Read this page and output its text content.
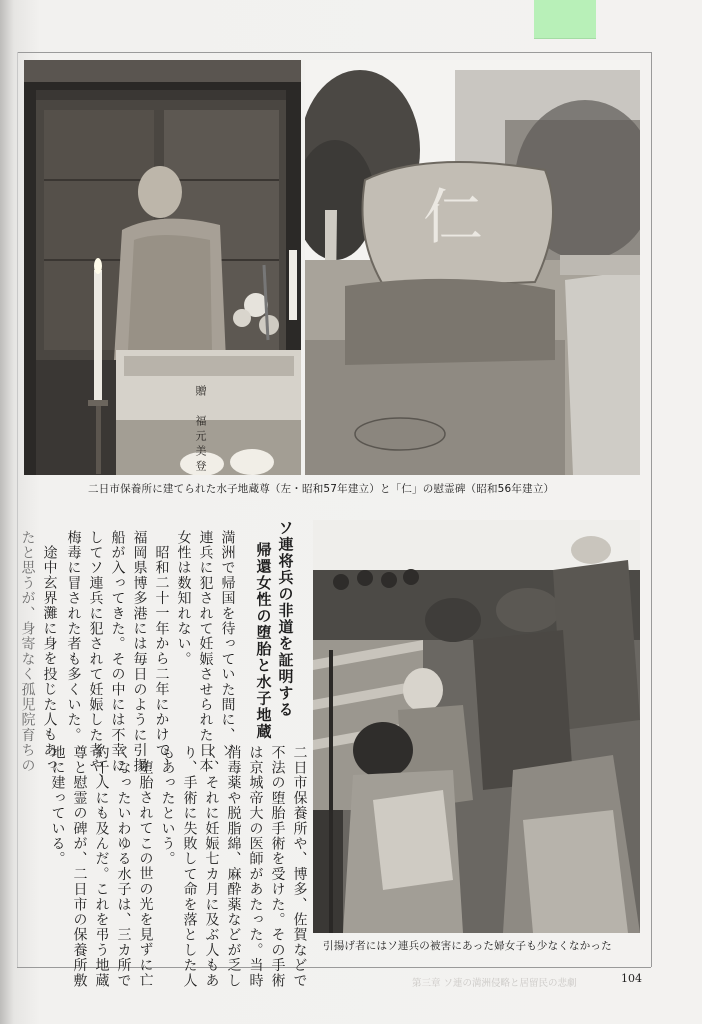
贈　福元美登
仁
二日市保養所に建てられた水子地蔵尊（左・昭和57年建立）と「仁」の慰霊碑（昭和56年建立）
引揚げ者にはソ連兵の被害にあった婦女子も少なくなかった
ソ連将兵の非道を証明する
帰還女性の堕胎と水子地蔵
満洲で帰国を待っていた間に、ソ
連兵に犯されて妊娠させられた日本
女性は数知れない。
昭和二十一年から二年にかけて、
福岡県博多港には毎日のように引揚
船が入ってきた。その中には不幸に
してソ連兵に犯されて妊娠した者や、
梅毒に冒された者も多くいた。
途中玄界灘に身を投じた人もあっ
たと思うが、身寄なく孤児院育ちの
二日市保養所や、博多、佐賀などで
不法の堕胎手術を受けた。その手術
は京城帝大の医師があたった。当時
消毒薬や脱脂綿、麻酔薬などが乏し
く、それに妊娠七カ月に及ぶ人もあ
り、手術に失敗して命を落とした人
もあったという。
堕胎されてこの世の光を見ずに亡
くなったいわゆる水子は、三カ所で
約千人にも及んだ。これを弔う地蔵
尊と慰霊の碑が、二日市の保養所敷
地に建っている。
第三章 ソ連の満洲侵略と居留民の悲劇	104
